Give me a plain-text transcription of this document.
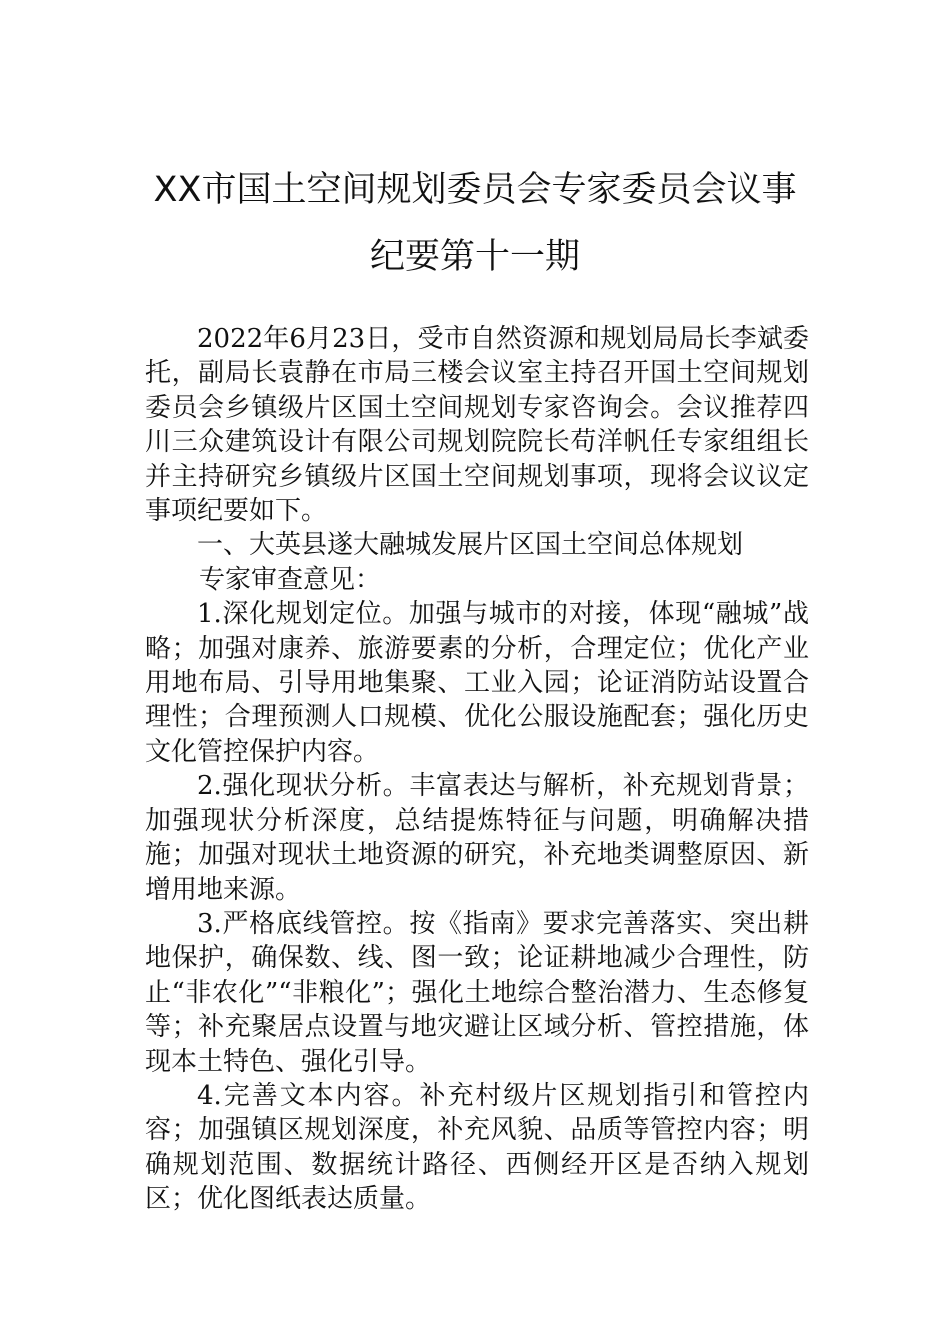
XX市国土空间规划委员会专家委员会议事
纪要第十一期

2022年6月23日，受市自然资源和规划局局长李斌委托，副局长袁静在市局三楼会议室主持召开国土空间规划委员会乡镇级片区国土空间规划专家咨询会。会议推荐四川三众建筑设计有限公司规划院院长苟洋帆任专家组组长并主持研究乡镇级片区国土空间规划事项，现将会议议定事项纪要如下。

一、大英县遂大融城发展片区国土空间总体规划

专家审查意见：

1.深化规划定位。加强与城市的对接，体现“融城”战略；加强对康养、旅游要素的分析，合理定位；优化产业用地布局、引导用地集聚、工业入园；论证消防站设置合理性；合理预测人口规模、优化公服设施配套；强化历史文化管控保护内容。

2.强化现状分析。丰富表达与解析，补充规划背景；加强现状分析深度，总结提炼特征与问题，明确解决措施；加强对现状土地资源的研究，补充地类调整原因、新增用地来源。

3.严格底线管控。按《指南》要求完善落实、突出耕地保护，确保数、线、图一致；论证耕地减少合理性，防止“非农化”“非粮化”；强化土地综合整治潜力、生态修复等；补充聚居点设置与地灾避让区域分析、管控措施，体现本土特色、强化引导。

4.完善文本内容。补充村级片区规划指引和管控内容；加强镇区规划深度，补充风貌、品质等管控内容；明确规划范围、数据统计路径、西侧经开区是否纳入规划区；优化图纸表达质量。
